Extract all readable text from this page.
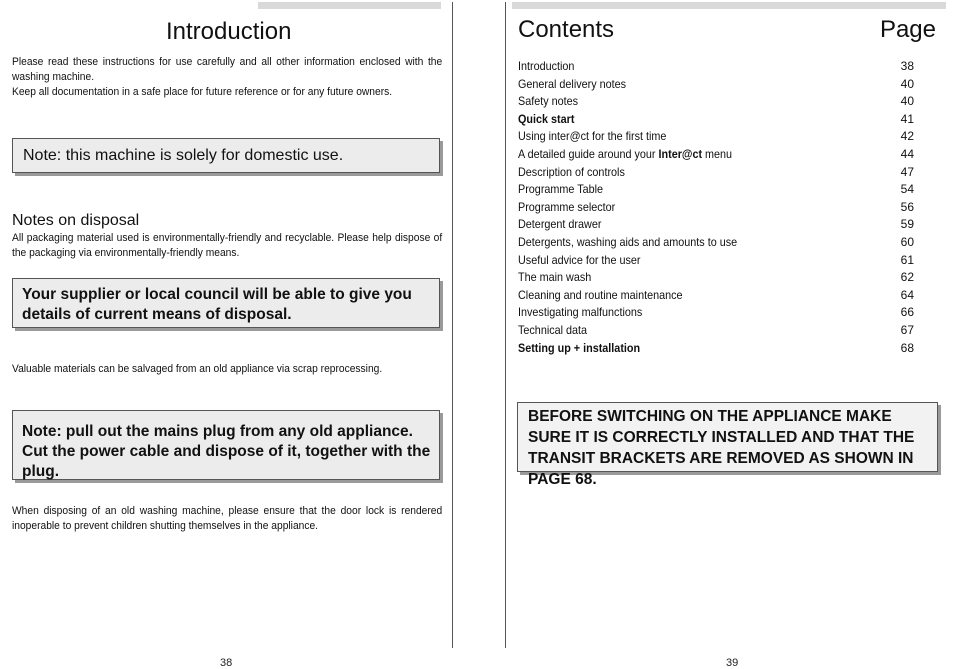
Introduction

Please read these instructions for use carefully and all other information enclosed with the washing machine.
Keep all documentation in a safe place for future reference or for any future owners.

Note: this machine is solely for domestic use.

Notes on disposal

All packaging material used is environmentally-friendly and recyclable. Please help dispose of the packaging via environmentally-friendly means.

Your supplier or local council will be able to give you details of current means of disposal.

Valuable materials can be salvaged from an old appliance via scrap reprocessing.

Note: pull out the mains plug from any old appliance. Cut the power cable and dispose of it, together with the plug.

When disposing of an old washing machine, please ensure that the door lock is rendered inoperable to prevent children shutting themselves in the appliance.

38
Contents	Page
Introduction	38
General delivery notes	40
Safety notes	40
Quick start	41
Using inter@ct for the first time	42
A detailed guide around your Inter@ct menu	44
Description of controls	47
Programme Table	54
Programme selector	56
Detergent drawer	59
Detergents, washing aids and amounts to use	60
Useful advice for the user	61
The main wash	62
Cleaning and routine maintenance	64
Investigating malfunctions	66
Technical data	67
Setting up + installation	68

BEFORE SWITCHING ON THE APPLIANCE MAKE SURE IT IS CORRECTLY INSTALLED AND THAT THE TRANSIT BRACKETS ARE REMOVED AS SHOWN IN PAGE 68.

39
